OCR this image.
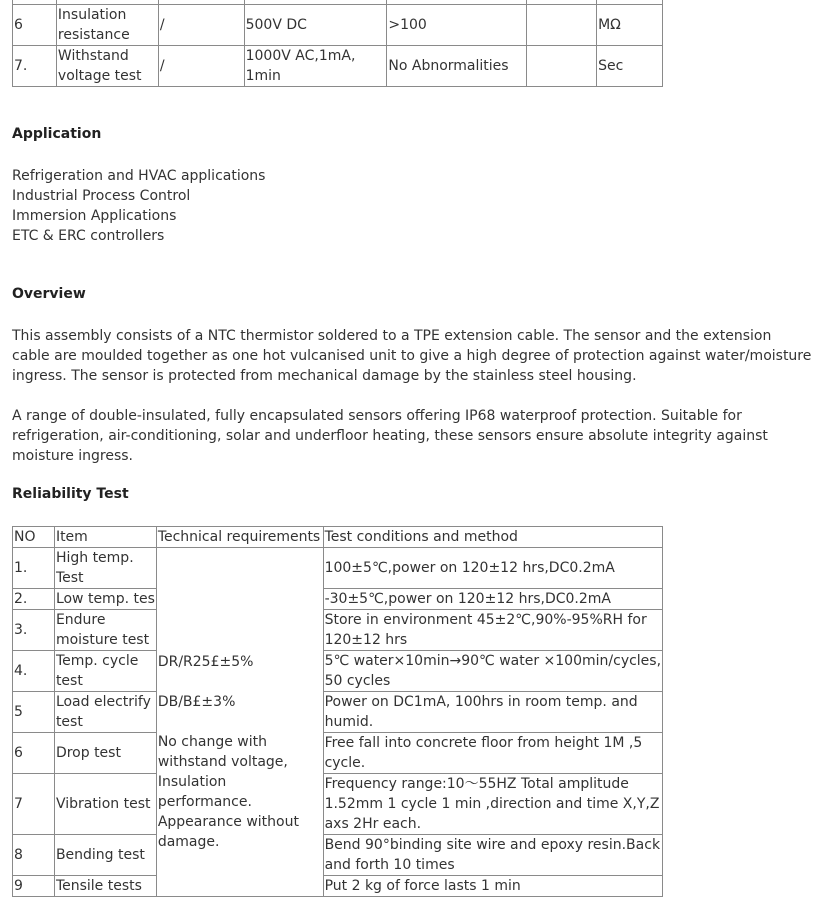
6	Insulation resistance	/	500V DC	>100		MΩ
7.	Withstand voltage test	/	1000V AC,1mA, 1min	No Abnormalities		Sec
Application
Refrigeration and HVAC applications
Industrial Process Control
Immersion Applications
ETC & ERC controllers
Overview

This assembly consists of a NTC thermistor soldered to a TPE extension cable. The sensor and the extension cable are moulded together as one hot vulcanised unit to give a high degree of protection against water/moisture ingress. The sensor is protected from mechanical damage by the stainless steel housing.

A range of double-insulated, fully encapsulated sensors offering IP68 waterproof protection. Suitable for refrigeration, air-conditioning, solar and underfloor heating, these sensors ensure absolute integrity against moisture ingress.

Reliability Test
NO	Item	Technical requirements	Test conditions and method
1.	High temp. Test	DR/R25£±5%

DB/B£±3%

No change with withstand voltage, Insulation performance. Appearance without damage.	100±5℃,power on 120±12 hrs,DC0.2mA
2.	Low temp. tes		-30±5℃,power on 120±12 hrs,DC0.2mA
3.	Endure moisture test		Store in environment 45±2℃,90%-95%RH for 120±12 hrs
4.	Temp. cycle test		5℃ water×10min→90℃ water ×100min/cycles, 50 cycles
5	Load electrify test		Power on DC1mA, 100hrs in room temp. and humid.
6	Drop test		Free fall into concrete floor from height 1M ,5 cycle.
7	Vibration test		Frequency range:10～55HZ Total amplitude 1.52mm 1 cycle 1 min ,direction and time X,Y,Z axs 2Hr each.
8	Bending test		Bend 90°binding site wire and epoxy resin.Back and forth 10 times
9	Tensile tests		Put 2 kg of force lasts 1 min
